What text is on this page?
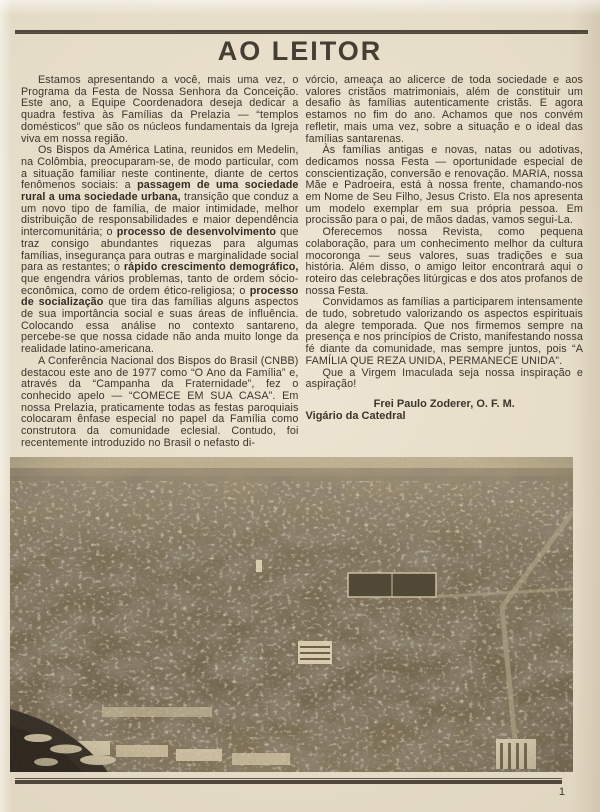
AO LEITOR

Estamos apresentando a você, mais uma vez, o Programa da Festa de Nossa Senhora da Conceição. Este ano, a Equipe Coordenadora deseja dedicar a quadra festiva às Famílias da Prelazia — “templos domésticos” que são os núcleos fundamentais da Igreja viva em nossa região.

Os Bispos da América Latina, reunidos em Medelin, na Colômbia, preocuparam-se, de modo particular, com a situação familiar neste continente, diante de certos fenômenos sociais: a passagem de uma sociedade rural a uma sociedade urbana, transição que conduz a um novo tipo de família, de maior intimidade, melhor distribuição de responsabilidades e maior dependência intercomunitária; o processo de desenvolvimento que traz consigo abundantes riquezas para algumas famílias, insegurança para outras e marginalidade social para as restantes; o rápido crescimento demográfico, que engendra vários problemas, tanto de ordem sócio-econômica, como de ordem ético-religiosa; o processo de socialização que tira das famílias alguns aspectos de sua importância social e suas áreas de influência. Colocando essa análise no contexto santareno, percebe-se que nossa cidade não anda muito longe da realidade latino-americana.

A Conferência Nacional dos Bispos do Brasil (CNBB) destacou este ano de 1977 como “O Ano da Família” e, através da “Campanha da Fraternidade”, fez o conhecido apelo — “COMECE EM SUA CASA”. Em nossa Prelazia, praticamente todas as festas paroquiais colocaram ênfase especial no papel da Família como construtora da comunidade eclesial. Contudo, foi recentemente introduzido no Brasil o nefasto di-

vórcio, ameaça ao alicerce de toda sociedade e aos valores cristãos matrimoniais, além de constituir um desafio às famílias autenticamente cristãs. E agora estamos no fim do ano. Achamos que nos convém refletir, mais uma vez, sobre a situação e o ideal das famílias santarenas.

Às famílias antigas e novas, natas ou adotivas, dedicamos nossa Festa — oportunidade especial de conscientização, conversão e renovação. MARIA, nossa Mãe e Padroeira, está à nossa frente, chamando-nos em Nome de Seu Filho, Jesus Cristo. Ela nos apresenta um modelo exemplar em sua própria pessoa. Em procissão para o pai, de mãos dadas, vamos segui-La.

Oferecemos nossa Revista, como pequena colaboração, para um conhecimento melhor da cultura mocoronga — seus valores, suas tradições e sua história. Além disso, o amigo leitor encontrará aqui o roteiro das celebrações litúrgicas e dos atos profanos de nossa Festa.

Convidamos as famílias a participarem intensamente de tudo, sobretudo valorizando os aspectos espirituais da alegre temporada. Que nos firmemos sempre na presença e nos princípios de Cristo, manifestando nossa fé diante da comunidade, mas sempre juntos, pois “A FAMÍLIA QUE REZA UNIDA, PERMANECE UNIDA”.

Que a Virgem Imaculada seja nossa inspiração e aspiração!

Frei Paulo Zoderer, O. F. M.
Vigário da Catedral
1
